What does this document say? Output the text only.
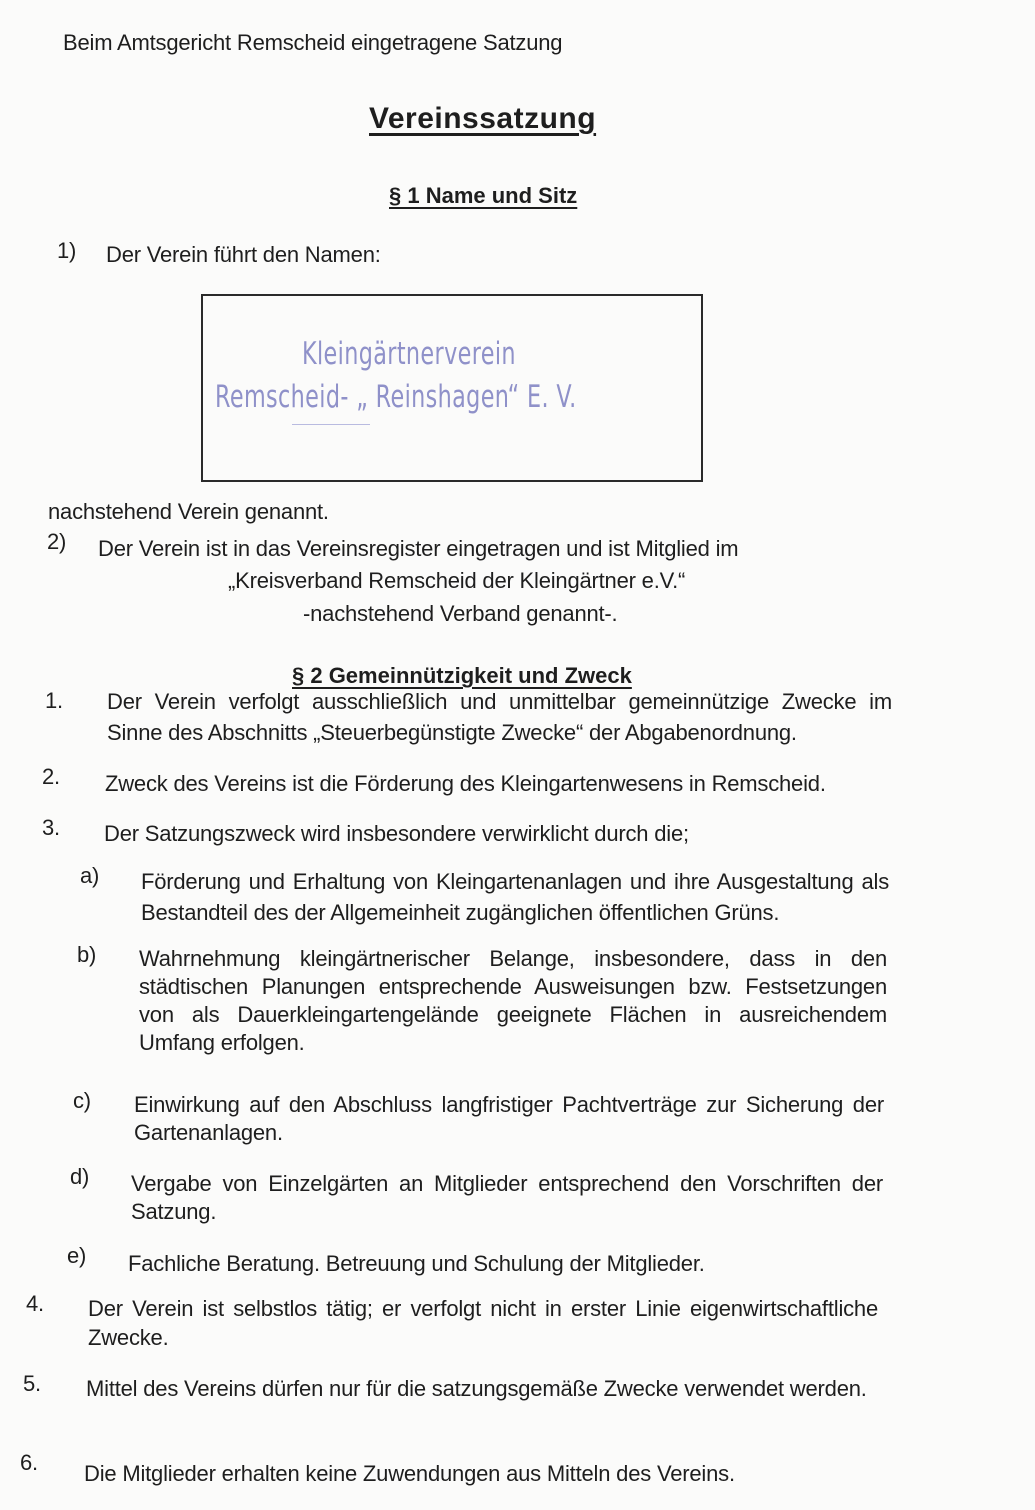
Beim Amtsgericht Remscheid eingetragene Satzung
Vereinssatzung
§ 1 Name und Sitz
1) Der Verein führt den Namen:
Kleingärtnerverein
Remscheid- „ Reinshagen“ E. V.
nachstehend Verein genannt.
2) Der Verein ist in das Vereinsregister eingetragen und ist Mitglied im
„Kreisverband Remscheid der Kleingärtner e.V.“
-nachstehend Verband genannt-.
§ 2 Gemeinnützigkeit und Zweck
1. Der Verein verfolgt ausschließlich und unmittelbar gemeinnützige Zwecke im Sinne des Abschnitts „Steuerbegünstigte Zwecke“ der Abgabenordnung.
2. Zweck des Vereins ist die Förderung des Kleingartenwesens in Remscheid.
3. Der Satzungszweck wird insbesondere verwirklicht durch die;
a) Förderung und Erhaltung von Kleingartenanlagen und ihre Ausgestaltung als Bestandteil des der Allgemeinheit zugänglichen öffentlichen Grüns.
b) Wahrnehmung kleingärtnerischer Belange, insbesondere, dass in den städtischen Planungen entsprechende Ausweisungen bzw. Festsetzungen von als Dauerkleingartengelände geeignete Flächen in ausreichendem Umfang erfolgen.
c) Einwirkung auf den Abschluss langfristiger Pachtverträge zur Sicherung der Gartenanlagen.
d) Vergabe von Einzelgärten an Mitglieder entsprechend den Vorschriften der Satzung.
e) Fachliche Beratung. Betreuung und Schulung der Mitglieder.
4. Der Verein ist selbstlos tätig; er verfolgt nicht in erster Linie eigenwirtschaftliche Zwecke.
5. Mittel des Vereins dürfen nur für die satzungsgemäße Zwecke verwendet werden.
6. Die Mitglieder erhalten keine Zuwendungen aus Mitteln des Vereins.
